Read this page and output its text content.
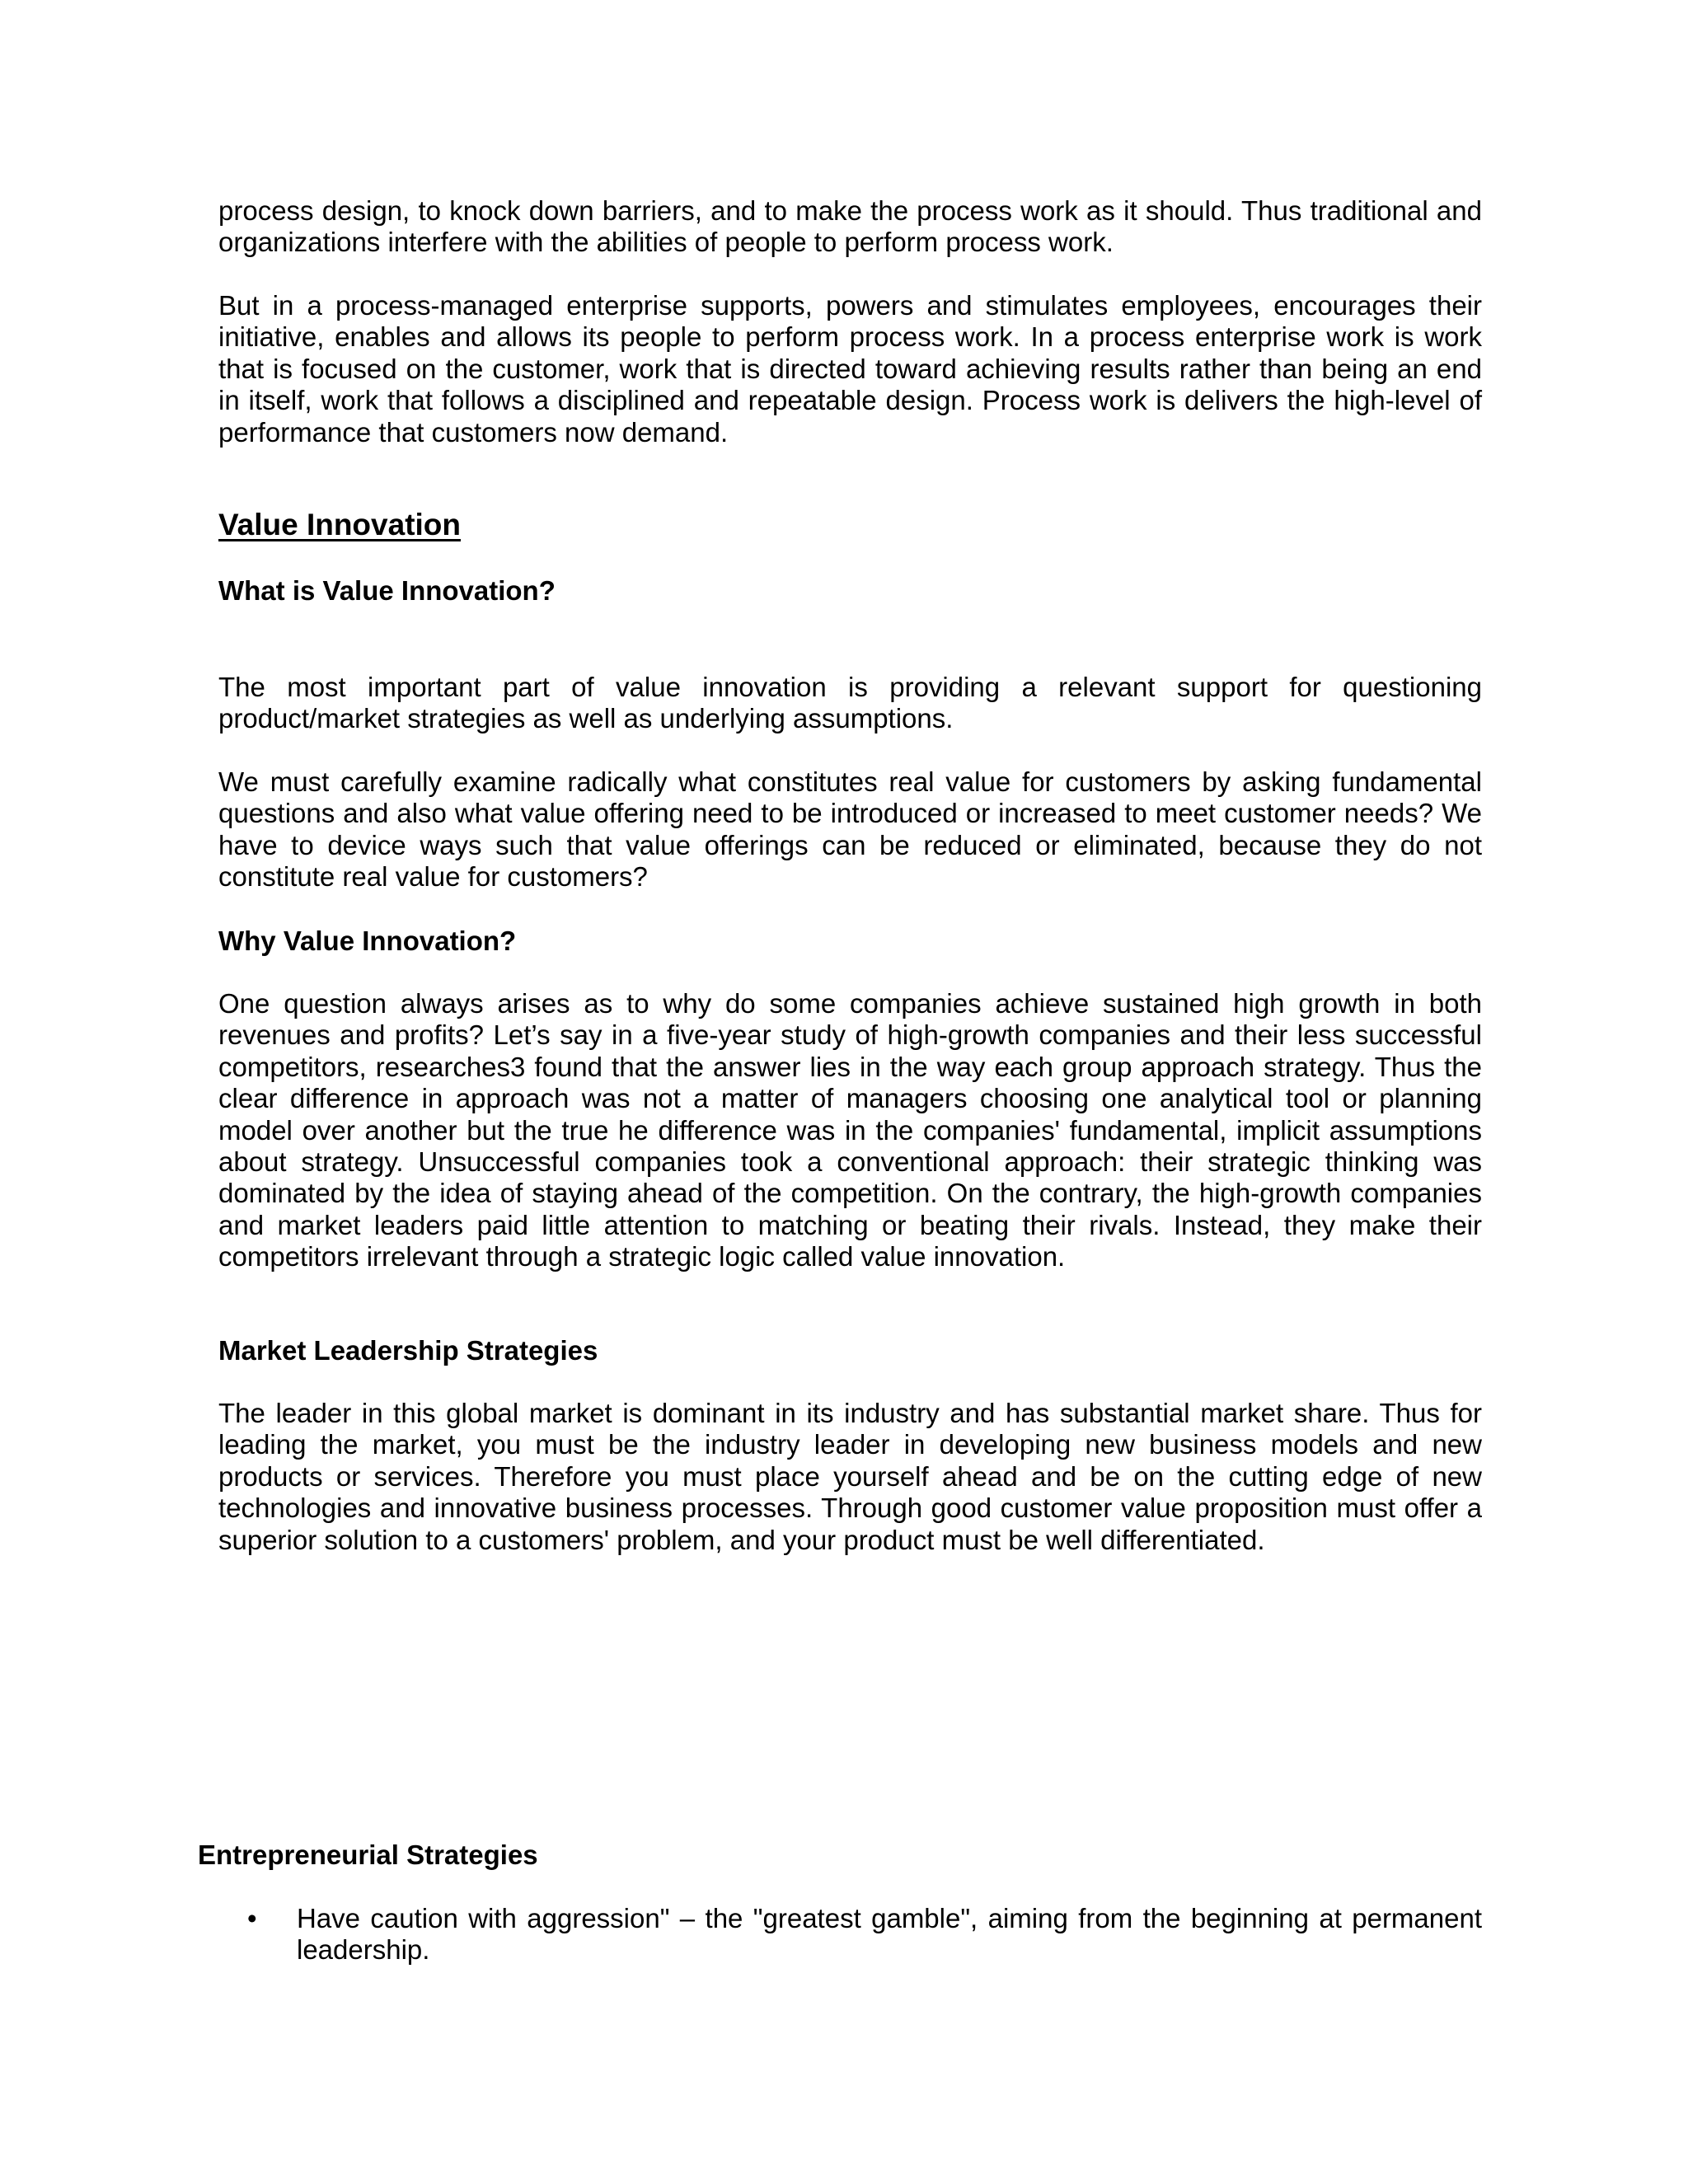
process design, to knock down barriers, and to make the process work as it should. Thus traditional and organizations interfere with the abilities of people to perform process work.

But in a process-managed enterprise supports, powers and stimulates employees, encourages their initiative, enables and allows its people to perform process work. In a process enterprise work is work that is focused on the customer, work that is directed toward achieving results rather than being an end in itself, work that follows a disciplined and repeatable design. Process work is delivers the high-level of performance that customers now demand.

Value Innovation
What is Value Innovation?

The most important part of value innovation is providing a relevant support for questioning product/market strategies as well as underlying assumptions.

We must carefully examine radically what constitutes real value for customers by asking fundamental questions and also what value offering need to be introduced or increased to meet customer needs? We have to device ways such that value offerings can be reduced or eliminated, because they do not constitute real value for customers?

Why Value Innovation?

One question always arises as to why do some companies achieve sustained high growth in both revenues and profits? Let’s say in a five-year study of high-growth companies and their less successful competitors, researches3 found that the answer lies in the way each group approach strategy. Thus the clear difference in approach was not a matter of managers choosing one analytical tool or planning model over another but the true he difference was in the companies' fundamental, implicit assumptions about strategy. Unsuccessful companies took a conventional approach: their strategic thinking was dominated by the idea of staying ahead of the competition. On the contrary, the high-growth companies and market leaders paid little attention to matching or beating their rivals. Instead, they make their competitors irrelevant through a strategic logic called value innovation.

Market Leadership Strategies

The leader in this global market is dominant in its industry and has substantial market share. Thus for leading the market, you must be the industry leader in developing new business models and new products or services. Therefore you must place yourself ahead and be on the cutting edge of new technologies and innovative business processes. Through good customer value proposition must offer a superior solution to a customers' problem, and your product must be well differentiated.

Entrepreneurial Strategies
•	Have caution with aggression" – the "greatest gamble", aiming from the beginning at permanent leadership.
